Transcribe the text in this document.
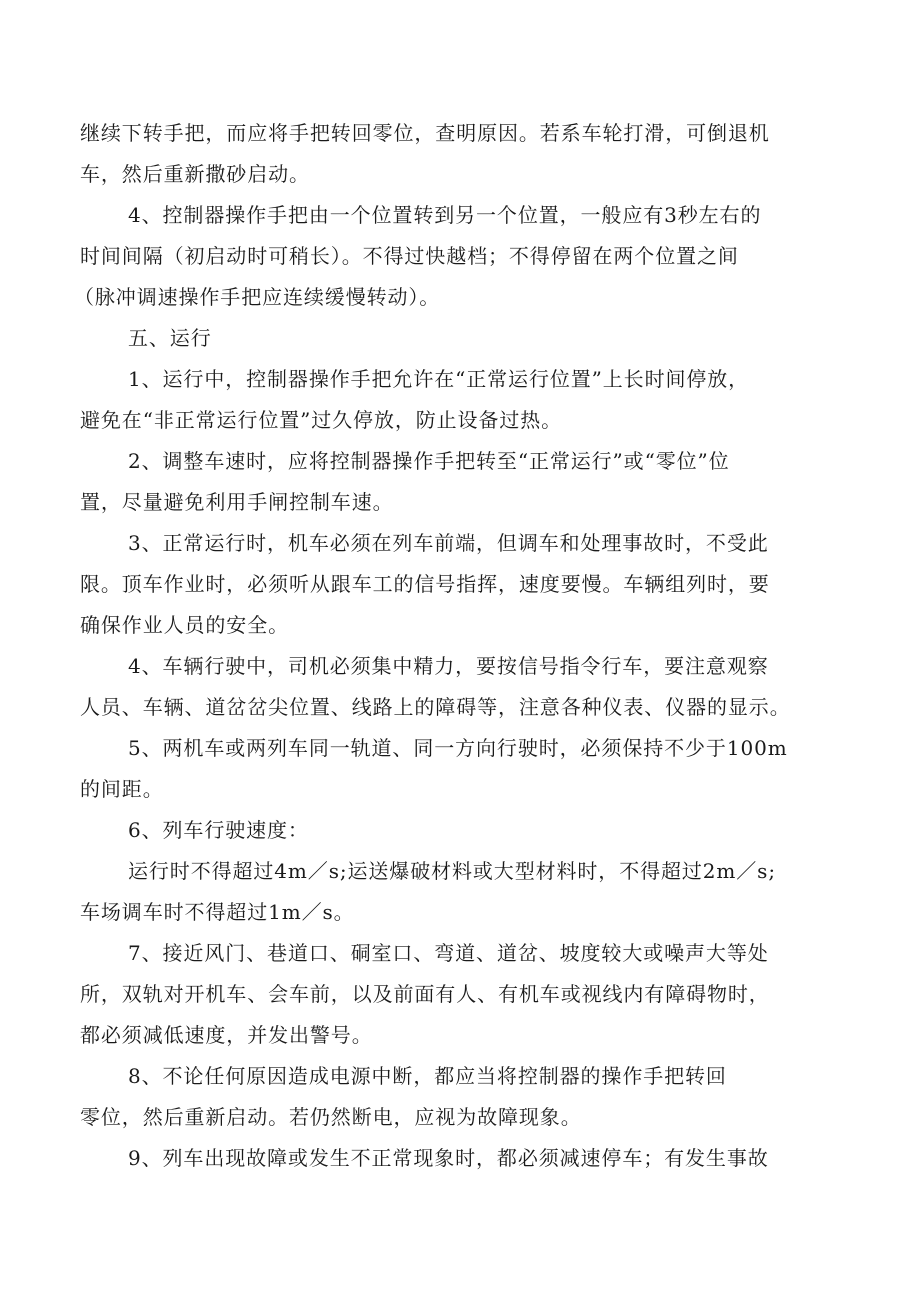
继续下转手把，而应将手把转回零位，查明原因。若系车轮打滑，可倒退机
车，然后重新撒砂启动。
4、控制器操作手把由一个位置转到另一个位置，一般应有3秒左右的
时间间隔（初启动时可稍长）。不得过快越档；不得停留在两个位置之间
（脉冲调速操作手把应连续缓慢转动）。
五、运行
1、运行中，控制器操作手把允许在“正常运行位置”上长时间停放，
避免在“非正常运行位置”过久停放，防止设备过热。
2、调整车速时，应将控制器操作手把转至“正常运行”或“零位”位
置，尽量避免利用手闸控制车速。
3、正常运行时，机车必须在列车前端，但调车和处理事故时，不受此
限。顶车作业时，必须听从跟车工的信号指挥，速度要慢。车辆组列时，要
确保作业人员的安全。
4、车辆行驶中，司机必须集中精力，要按信号指令行车，要注意观察
人员、车辆、道岔岔尖位置、线路上的障碍等，注意各种仪表、仪器的显示。
5、两机车或两列车同一轨道、同一方向行驶时，必须保持不少于100m
的间距。
6、列车行驶速度：
运行时不得超过4m／s;运送爆破材料或大型材料时，不得超过2m／s;
车场调车时不得超过1m／s。
7、接近风门、巷道口、硐室口、弯道、道岔、坡度较大或噪声大等处
所，双轨对开机车、会车前，以及前面有人、有机车或视线内有障碍物时，
都必须减低速度，并发出警号。
8、不论任何原因造成电源中断，都应当将控制器的操作手把转回
零位，然后重新启动。若仍然断电，应视为故障现象。
9、列车出现故障或发生不正常现象时，都必须减速停车；有发生事故
